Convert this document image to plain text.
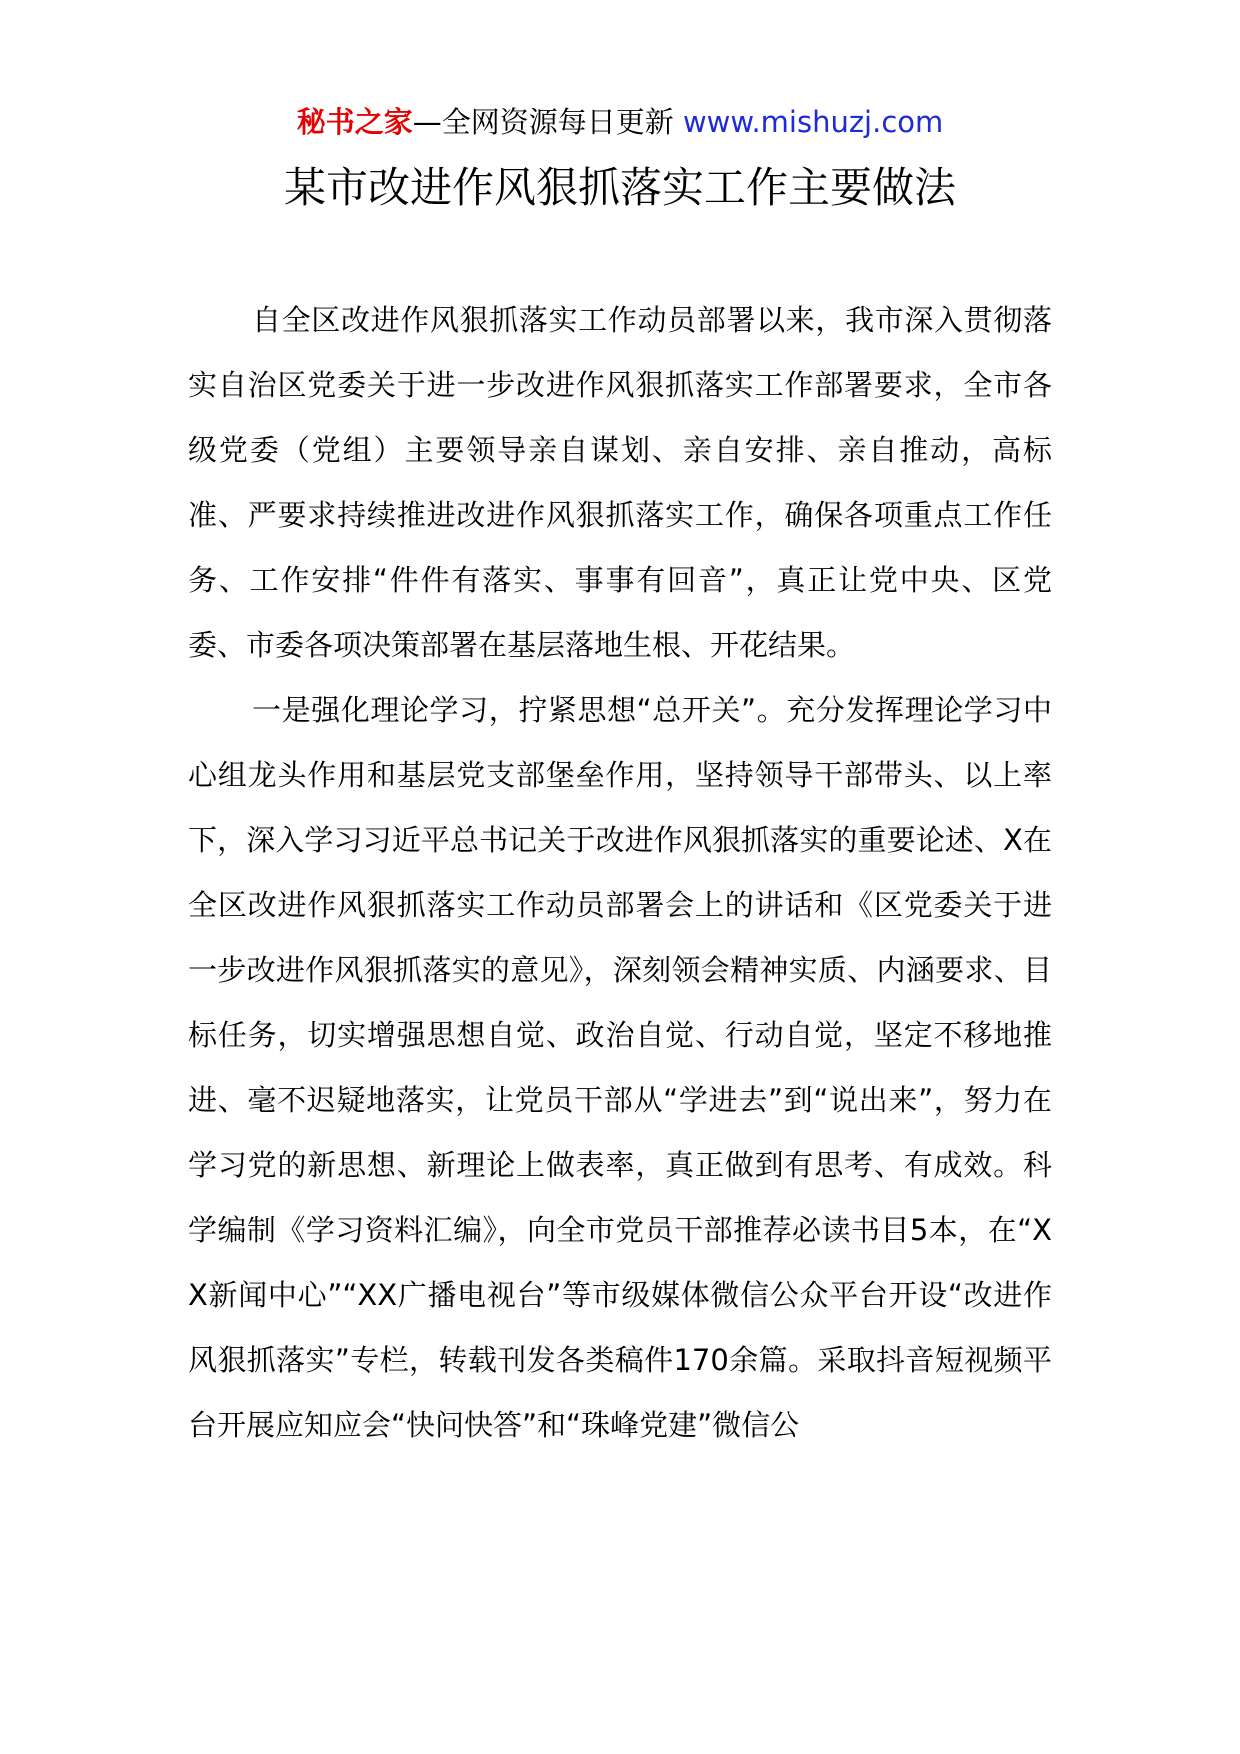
秘书之家—全网资源每日更新 www.mishuzj.com
某市改进作风狠抓落实工作主要做法

自全区改进作风狠抓落实工作动员部署以来，我市深入贯彻落实自治区党委关于进一步改进作风狠抓落实工作部署要求，全市各级党委（党组）主要领导亲自谋划、亲自安排、亲自推动，高标准、严要求持续推进改进作风狠抓落实工作，确保各项重点工作任务、工作安排“件件有落实、事事有回音”，真正让党中央、区党委、市委各项决策部署在基层落地生根、开花结果。

一是强化理论学习，拧紧思想“总开关”。充分发挥理论学习中心组龙头作用和基层党支部堡垒作用，坚持领导干部带头、以上率下，深入学习习近平总书记关于改进作风狠抓落实的重要论述、X在全区改进作风狠抓落实工作动员部署会上的讲话和《区党委关于进一步改进作风狠抓落实的意见》，深刻领会精神实质、内涵要求、目标任务，切实增强思想自觉、政治自觉、行动自觉，坚定不移地推进、毫不迟疑地落实，让党员干部从“学进去”到“说出来”，努力在学习党的新思想、新理论上做表率，真正做到有思考、有成效。科学编制《学习资料汇编》，向全市党员干部推荐必读书目5本，在“XX新闻中心”“XX广播电视台”等市级媒体微信公众平台开设“改进作风狠抓落实”专栏，转载刊发各类稿件170余篇。采取抖音短视频平台开展应知应会“快问快答”和“珠峰党建”微信公
